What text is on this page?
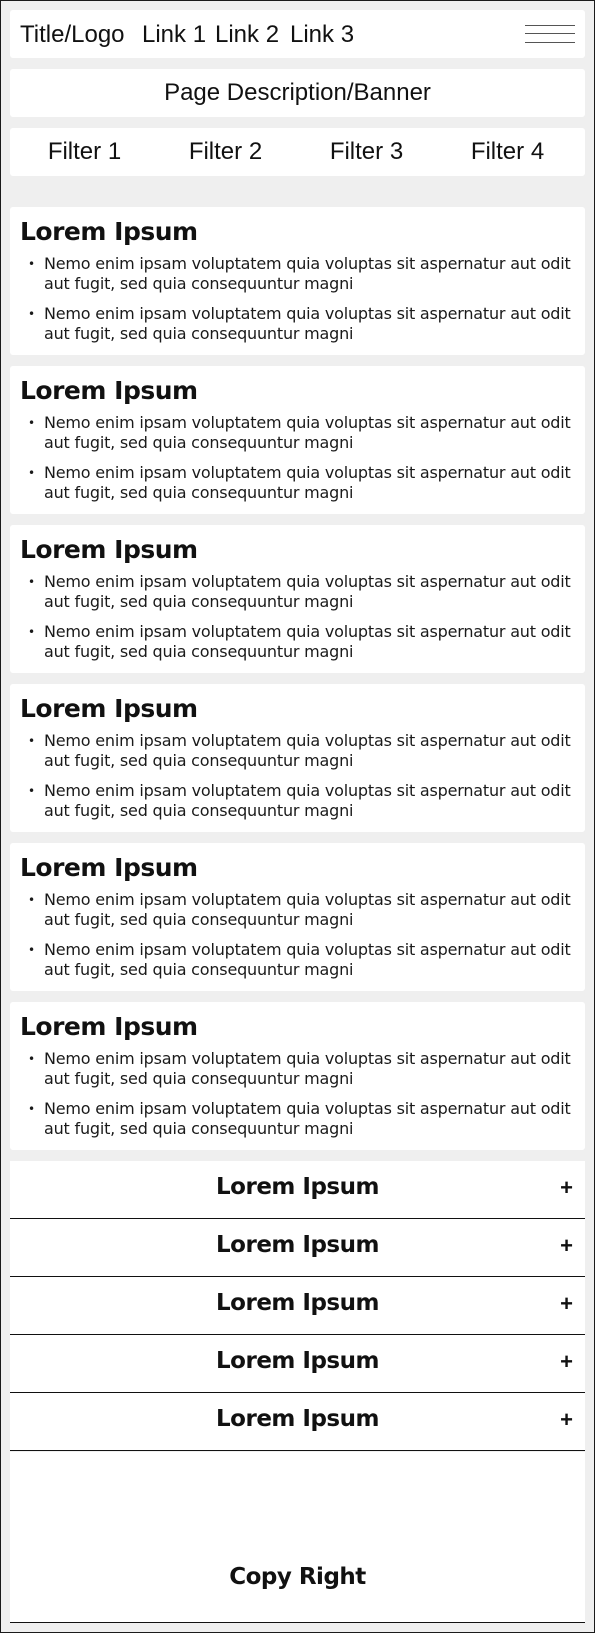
Title/Logo Link 1 Link 2 Link 3
Page Description/Banner
Filter 1	Filter 2	Filter 3	Filter 4
Lorem Ipsum
• Nemo enim ipsam voluptatem quia voluptas sit aspernatur aut odit aut fugit, sed quia consequuntur magni
• Nemo enim ipsam voluptatem quia voluptas sit aspernatur aut odit aut fugit, sed quia consequuntur magni
Lorem Ipsum
• Nemo enim ipsam voluptatem quia voluptas sit aspernatur aut odit aut fugit, sed quia consequuntur magni
• Nemo enim ipsam voluptatem quia voluptas sit aspernatur aut odit aut fugit, sed quia consequuntur magni
Lorem Ipsum
• Nemo enim ipsam voluptatem quia voluptas sit aspernatur aut odit aut fugit, sed quia consequuntur magni
• Nemo enim ipsam voluptatem quia voluptas sit aspernatur aut odit aut fugit, sed quia consequuntur magni
Lorem Ipsum
• Nemo enim ipsam voluptatem quia voluptas sit aspernatur aut odit aut fugit, sed quia consequuntur magni
• Nemo enim ipsam voluptatem quia voluptas sit aspernatur aut odit aut fugit, sed quia consequuntur magni
Lorem Ipsum
• Nemo enim ipsam voluptatem quia voluptas sit aspernatur aut odit aut fugit, sed quia consequuntur magni
• Nemo enim ipsam voluptatem quia voluptas sit aspernatur aut odit aut fugit, sed quia consequuntur magni
Lorem Ipsum
• Nemo enim ipsam voluptatem quia voluptas sit aspernatur aut odit aut fugit, sed quia consequuntur magni
• Nemo enim ipsam voluptatem quia voluptas sit aspernatur aut odit aut fugit, sed quia consequuntur magni
Lorem Ipsum	+
Lorem Ipsum	+
Lorem Ipsum	+
Lorem Ipsum	+
Lorem Ipsum	+
Copy Right
